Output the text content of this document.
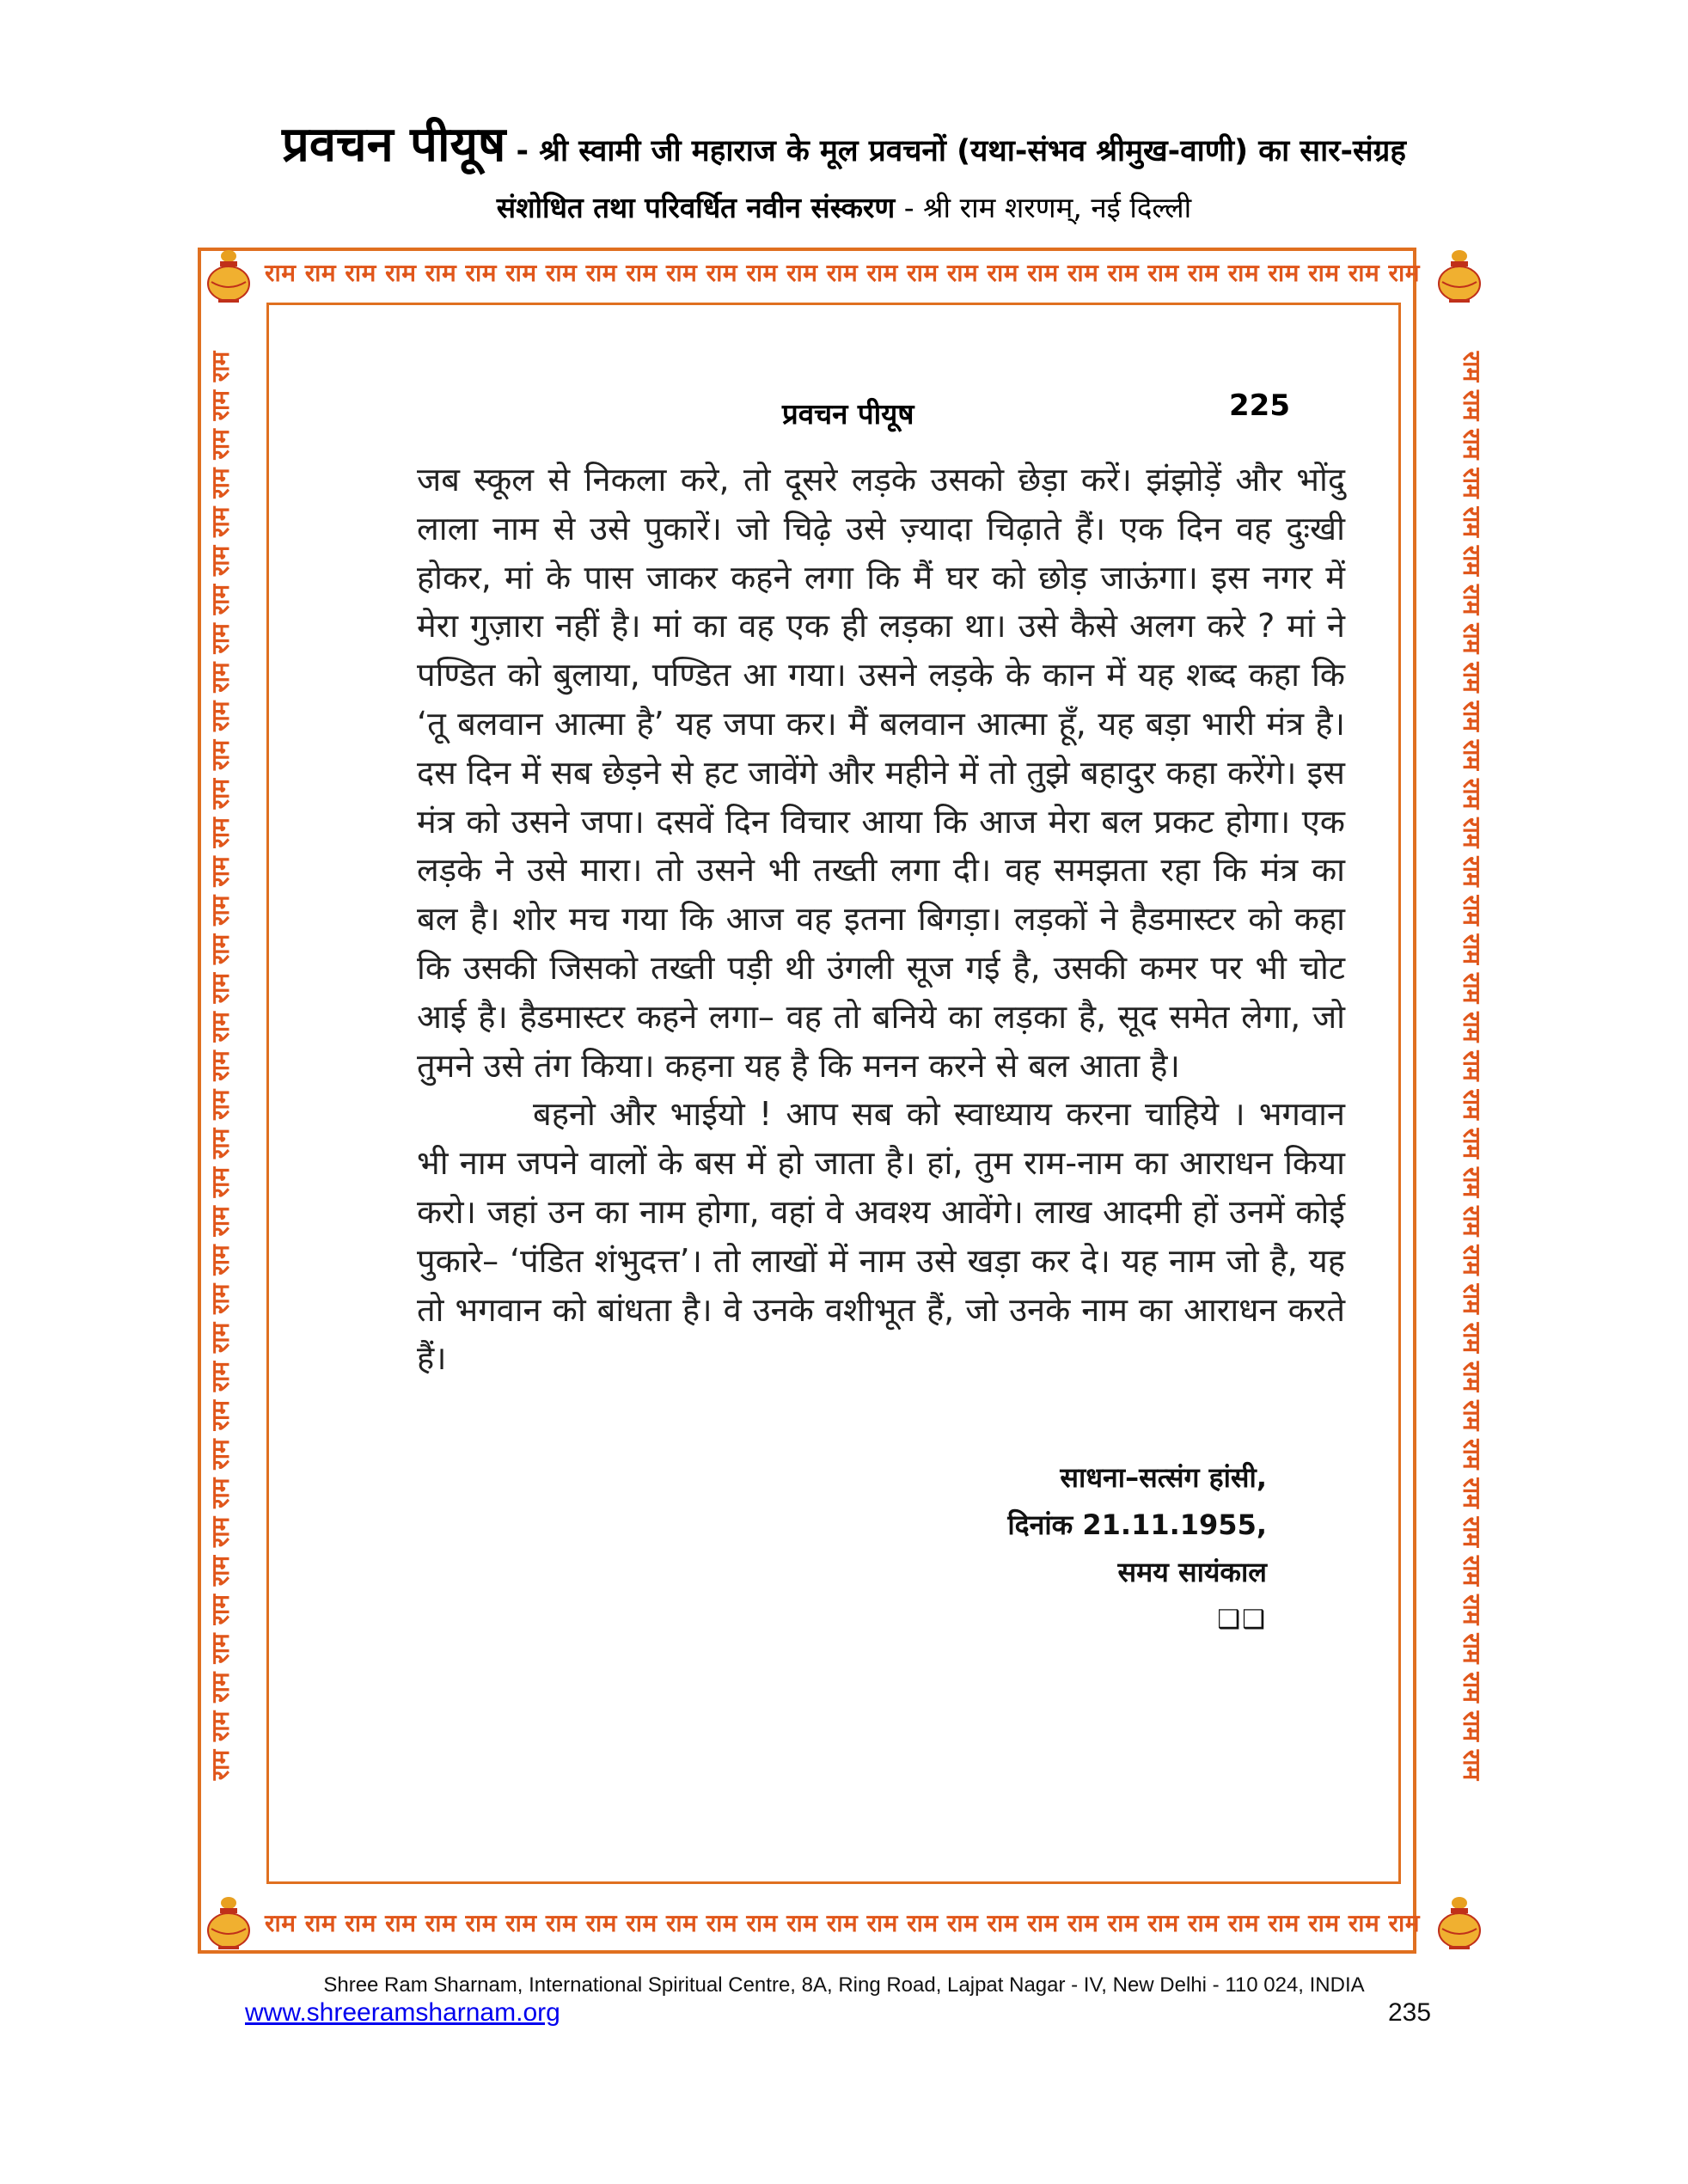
प्रवचन पीयूष - श्री स्वामी जी महाराज के मूल प्रवचनों (यथा-संभव श्रीमुख-वाणी) का सार-संग्रह
संशोधित तथा परिवर्धित नवीन संस्करण - श्री राम शरणम्, नई दिल्ली
राम राम राम राम राम राम राम राम राम राम राम राम राम राम राम राम राम राम राम राम राम राम राम राम राम राम राम राम राम
राम राम राम राम राम राम राम राम राम राम राम राम राम राम राम राम राम राम राम राम राम राम राम राम राम राम राम राम राम
राम राम राम राम राम राम राम राम राम राम राम राम राम राम राम राम राम राम राम राम राम राम राम राम राम राम राम राम राम राम राम राम राम राम राम राम राम	राम राम राम राम राम राम राम राम राम राम राम राम राम राम राम राम राम राम राम राम राम राम राम राम राम राम राम राम राम राम राम राम राम राम राम राम राम
प्रवचन पीयूष	225

जब स्कूल से निकला करे, तो दूसरे लड़के उसको छेड़ा करें। झंझोड़ें और भोंदु लाला नाम से उसे पुकारें। जो चिढ़े उसे ज़्यादा चिढ़ाते हैं। एक दिन वह दुःखी होकर, मां के पास जाकर कहने लगा कि मैं घर को छोड़ जाऊंगा। इस नगर में मेरा गुज़ारा नहीं है। मां का वह एक ही लड़का था। उसे कैसे अलग करे ? मां ने पण्डित को बुलाया, पण्डित आ गया। उसने लड़के के कान में यह शब्द कहा कि ‘तू बलवान आत्मा है’ यह जपा कर। मैं बलवान आत्मा हूँ, यह बड़ा भारी मंत्र है। दस दिन में सब छेड़ने से हट जावेंगे और महीने में तो तुझे बहादुर कहा करेंगे। इस मंत्र को उसने जपा। दसवें दिन विचार आया कि आज मेरा बल प्रकट होगा। एक लड़के ने उसे मारा। तो उसने भी तख्ती लगा दी। वह समझता रहा कि मंत्र का बल है। शोर मच गया कि आज वह इतना बिगड़ा। लड़कों ने हैडमास्टर को कहा कि उसकी जिसको तख्ती पड़ी थी उंगली सूज गई है, उसकी कमर पर भी चोट आई है। हैडमास्टर कहने लगा– वह तो बनिये का लड़का है, सूद समेत लेगा, जो तुमने उसे तंग किया। कहना यह है कि मनन करने से बल आता है।

बहनो और भाईयो ! आप सब को स्वाध्याय करना चाहिये । भगवान भी नाम जपने वालों के बस में हो जाता है। हां, तुम राम-नाम का आराधन किया करो। जहां उन का नाम होगा, वहां वे अवश्य आवेंगे। लाख आदमी हों उनमें कोई पुकारे– ‘पंडित शंभुदत्त’। तो लाखों में नाम उसे खड़ा कर दे। यह नाम जो है, यह तो भगवान को बांधता है। वे उनके वशीभूत हैं, जो उनके नाम का आराधन करते हैं।

साधना–सत्संग हांसी,
दिनांक 21.11.1955,
समय सायंकाल
❑❑
Shree Ram Sharnam, International Spiritual Centre, 8A, Ring Road, Lajpat Nagar - IV, New Delhi - 110 024, INDIA
www.shreeramsharnam.org	235
